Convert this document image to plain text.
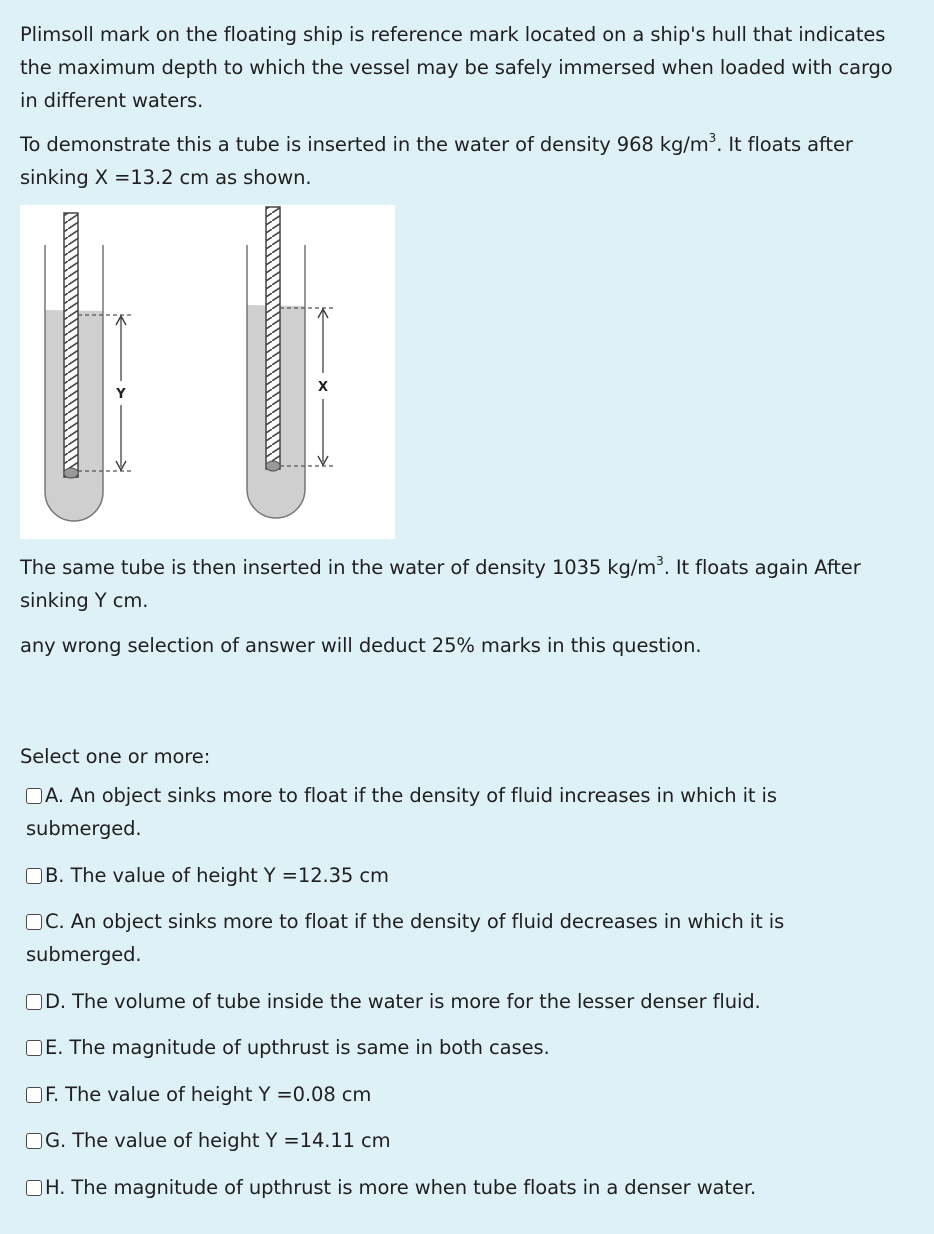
Plimsoll mark on the floating ship is reference mark located on a ship's hull that indicates the maximum depth to which the vessel may be safely immersed when loaded with cargo in different waters.

To demonstrate this a tube is inserted in the water of density 968 $kg/m^3$. It floats after sinking X =13.2 cm as shown.

Y	X

The same tube is then inserted in the water of density 1035 $kg/m^3$. It floats again After sinking Y cm.

any wrong selection of answer will deduct 25% marks in this question.

Select one or more:

A. An object sinks more to float if the density of fluid increases in which it is submerged.
B. The value of height Y =12.35 cm
C. An object sinks more to float if the density of fluid decreases in which it is submerged.
D. The volume of tube inside the water is more for the lesser denser fluid.
E. The magnitude of upthrust is same in both cases.
F. The value of height Y =0.08 cm
G. The value of height Y =14.11 cm
H. The magnitude of upthrust is more when tube floats in a denser water.
